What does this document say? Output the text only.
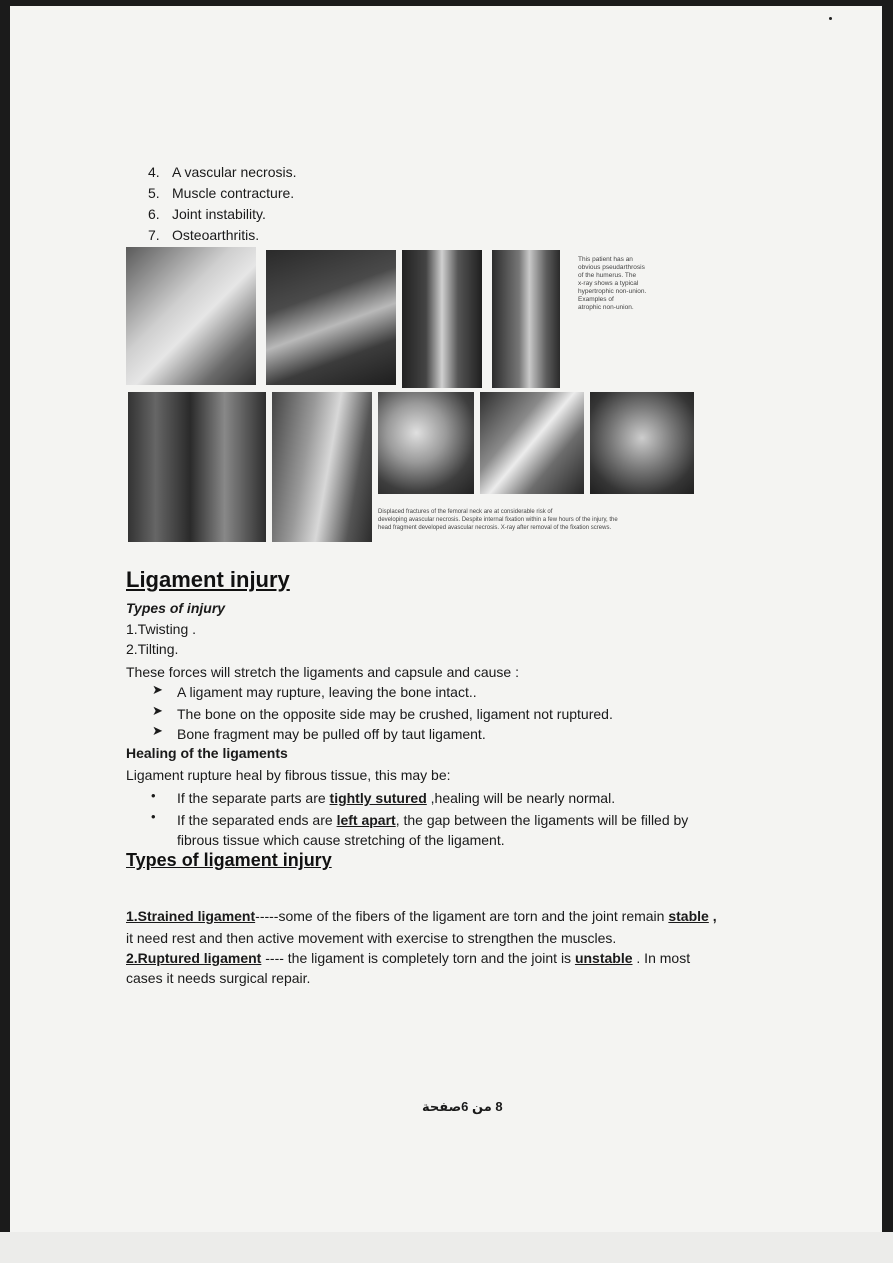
4. A vascular necrosis.
5. Muscle contracture.
6. Joint instability.
7. Osteoarthritis.
This patient has an
obvious pseudarthrosis
of the humerus. The
x-ray shows a typical
hypertrophic non-union.
Examples of
atrophic non-union.
Displaced fractures of the femoral neck are at considerable risk of
developing avascular necrosis. Despite internal fixation within a few hours of the injury, the
head fragment developed avascular necrosis. X-ray after removal of the fixation screws.
Ligament injury
Types of injury
1.Twisting .
2.Tilting.
These forces will stretch the ligaments and capsule and cause :
➤ A ligament may rupture, leaving the bone intact..
➤ The bone on the opposite side may be crushed, ligament not ruptured.
➤ Bone fragment may be pulled off by taut ligament.
Healing of the ligaments
Ligament rupture heal by fibrous tissue, this may be:
• If the separate parts are tightly sutured ,healing will be nearly normal.
• If the separated ends are left apart, the gap between the ligaments will be filled by
fibrous tissue which cause stretching of the ligament.
Types of ligament injury
1.Strained ligament-----some of the fibers of the ligament are torn and the joint remain stable ,
it need rest and then active movement with exercise to strengthen the muscles.
2.Ruptured ligament ---- the ligament is completely torn and the joint is unstable . In most
cases it needs surgical repair.
8 من 6صفحة
